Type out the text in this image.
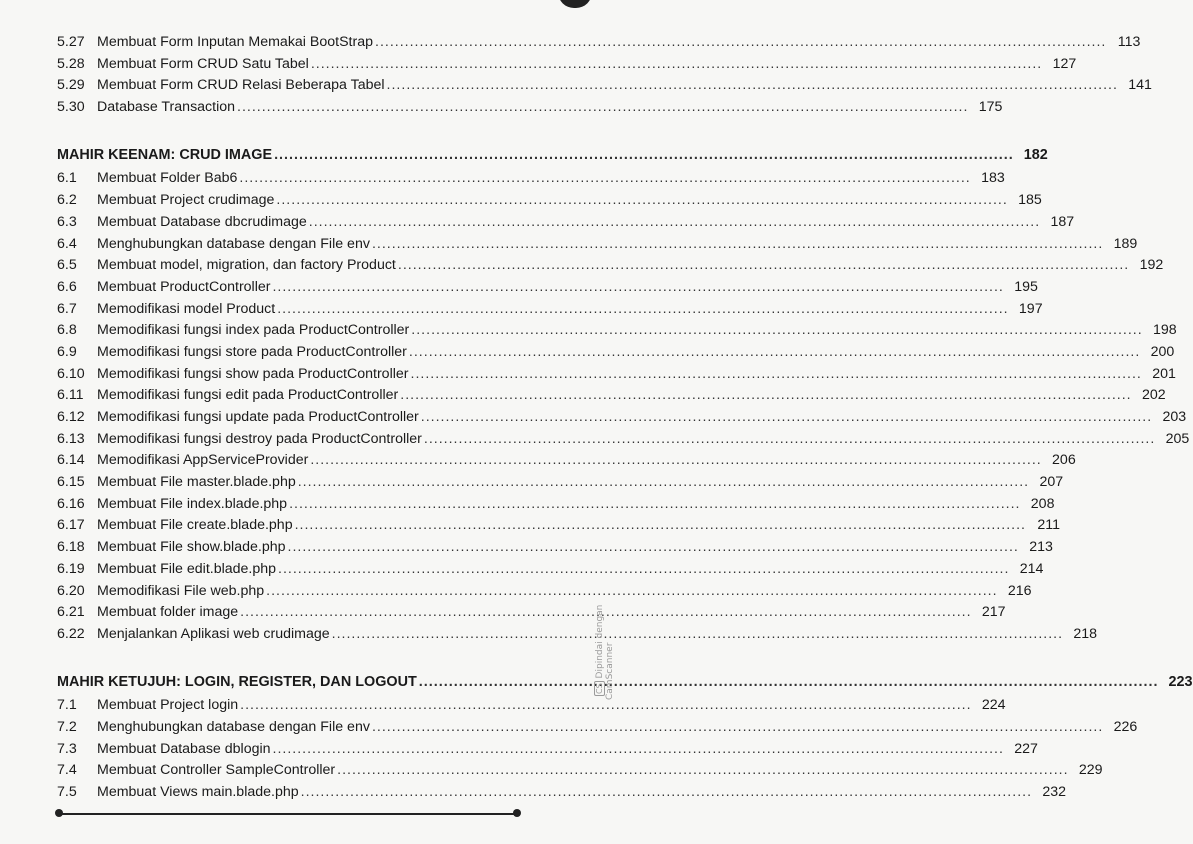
5.27 Membuat Form Inputan Memakai BootStrap .....	113
5.28 Membuat Form CRUD Satu Tabel .....	127
5.29 Membuat Form CRUD Relasi Beberapa Tabel .....	141
5.30 Database Transaction .....	175
MAHIR KEENAM: CRUD IMAGE .....	182
6.1	Membuat Folder Bab6 .....	183
6.2	Membuat Project crudimage .....	185
6.3	Membuat Database dbcrudimage .....	187
6.4	Menghubungkan database dengan File env .....	189
6.5	Membuat model, migration, dan factory Product .....	192
6.6	Membuat ProductController .....	195
6.7	Memodifikasi model Product .....	197
6.8	Memodifikasi fungsi index pada ProductController .....	198
6.9	Memodifikasi fungsi store pada ProductController .....	200
6.10 Memodifikasi fungsi show pada ProductController .....	201
6.11 Memodifikasi fungsi edit pada ProductController .....	202
6.12 Memodifikasi fungsi update pada ProductController .....	203
6.13 Memodifikasi fungsi destroy pada ProductController .....	205
6.14 Memodifikasi AppServiceProvider .....	206
6.15 Membuat File master.blade.php .....	207
6.16 Membuat File index.blade.php .....	208
6.17 Membuat File create.blade.php .....	211
6.18 Membuat File show.blade.php .....	213
6.19 Membuat File edit.blade.php .....	214
6.20 Memodifikasi File web.php .....	216
6.21 Membuat folder image .....	217
6.22 Menjalankan Aplikasi web crudimage .....	218
MAHIR KETUJUH: LOGIN, REGISTER, DAN LOGOUT .....	223
7.1	Membuat Project login .....	224
7.2	Menghubungkan database dengan File env .....	226
7.3	Membuat Database dblogin .....	227
7.4	Membuat Controller SampleController .....	229
7.5	Membuat Views main.blade.php .....	232
CS Dipindai dengan CamScanner
